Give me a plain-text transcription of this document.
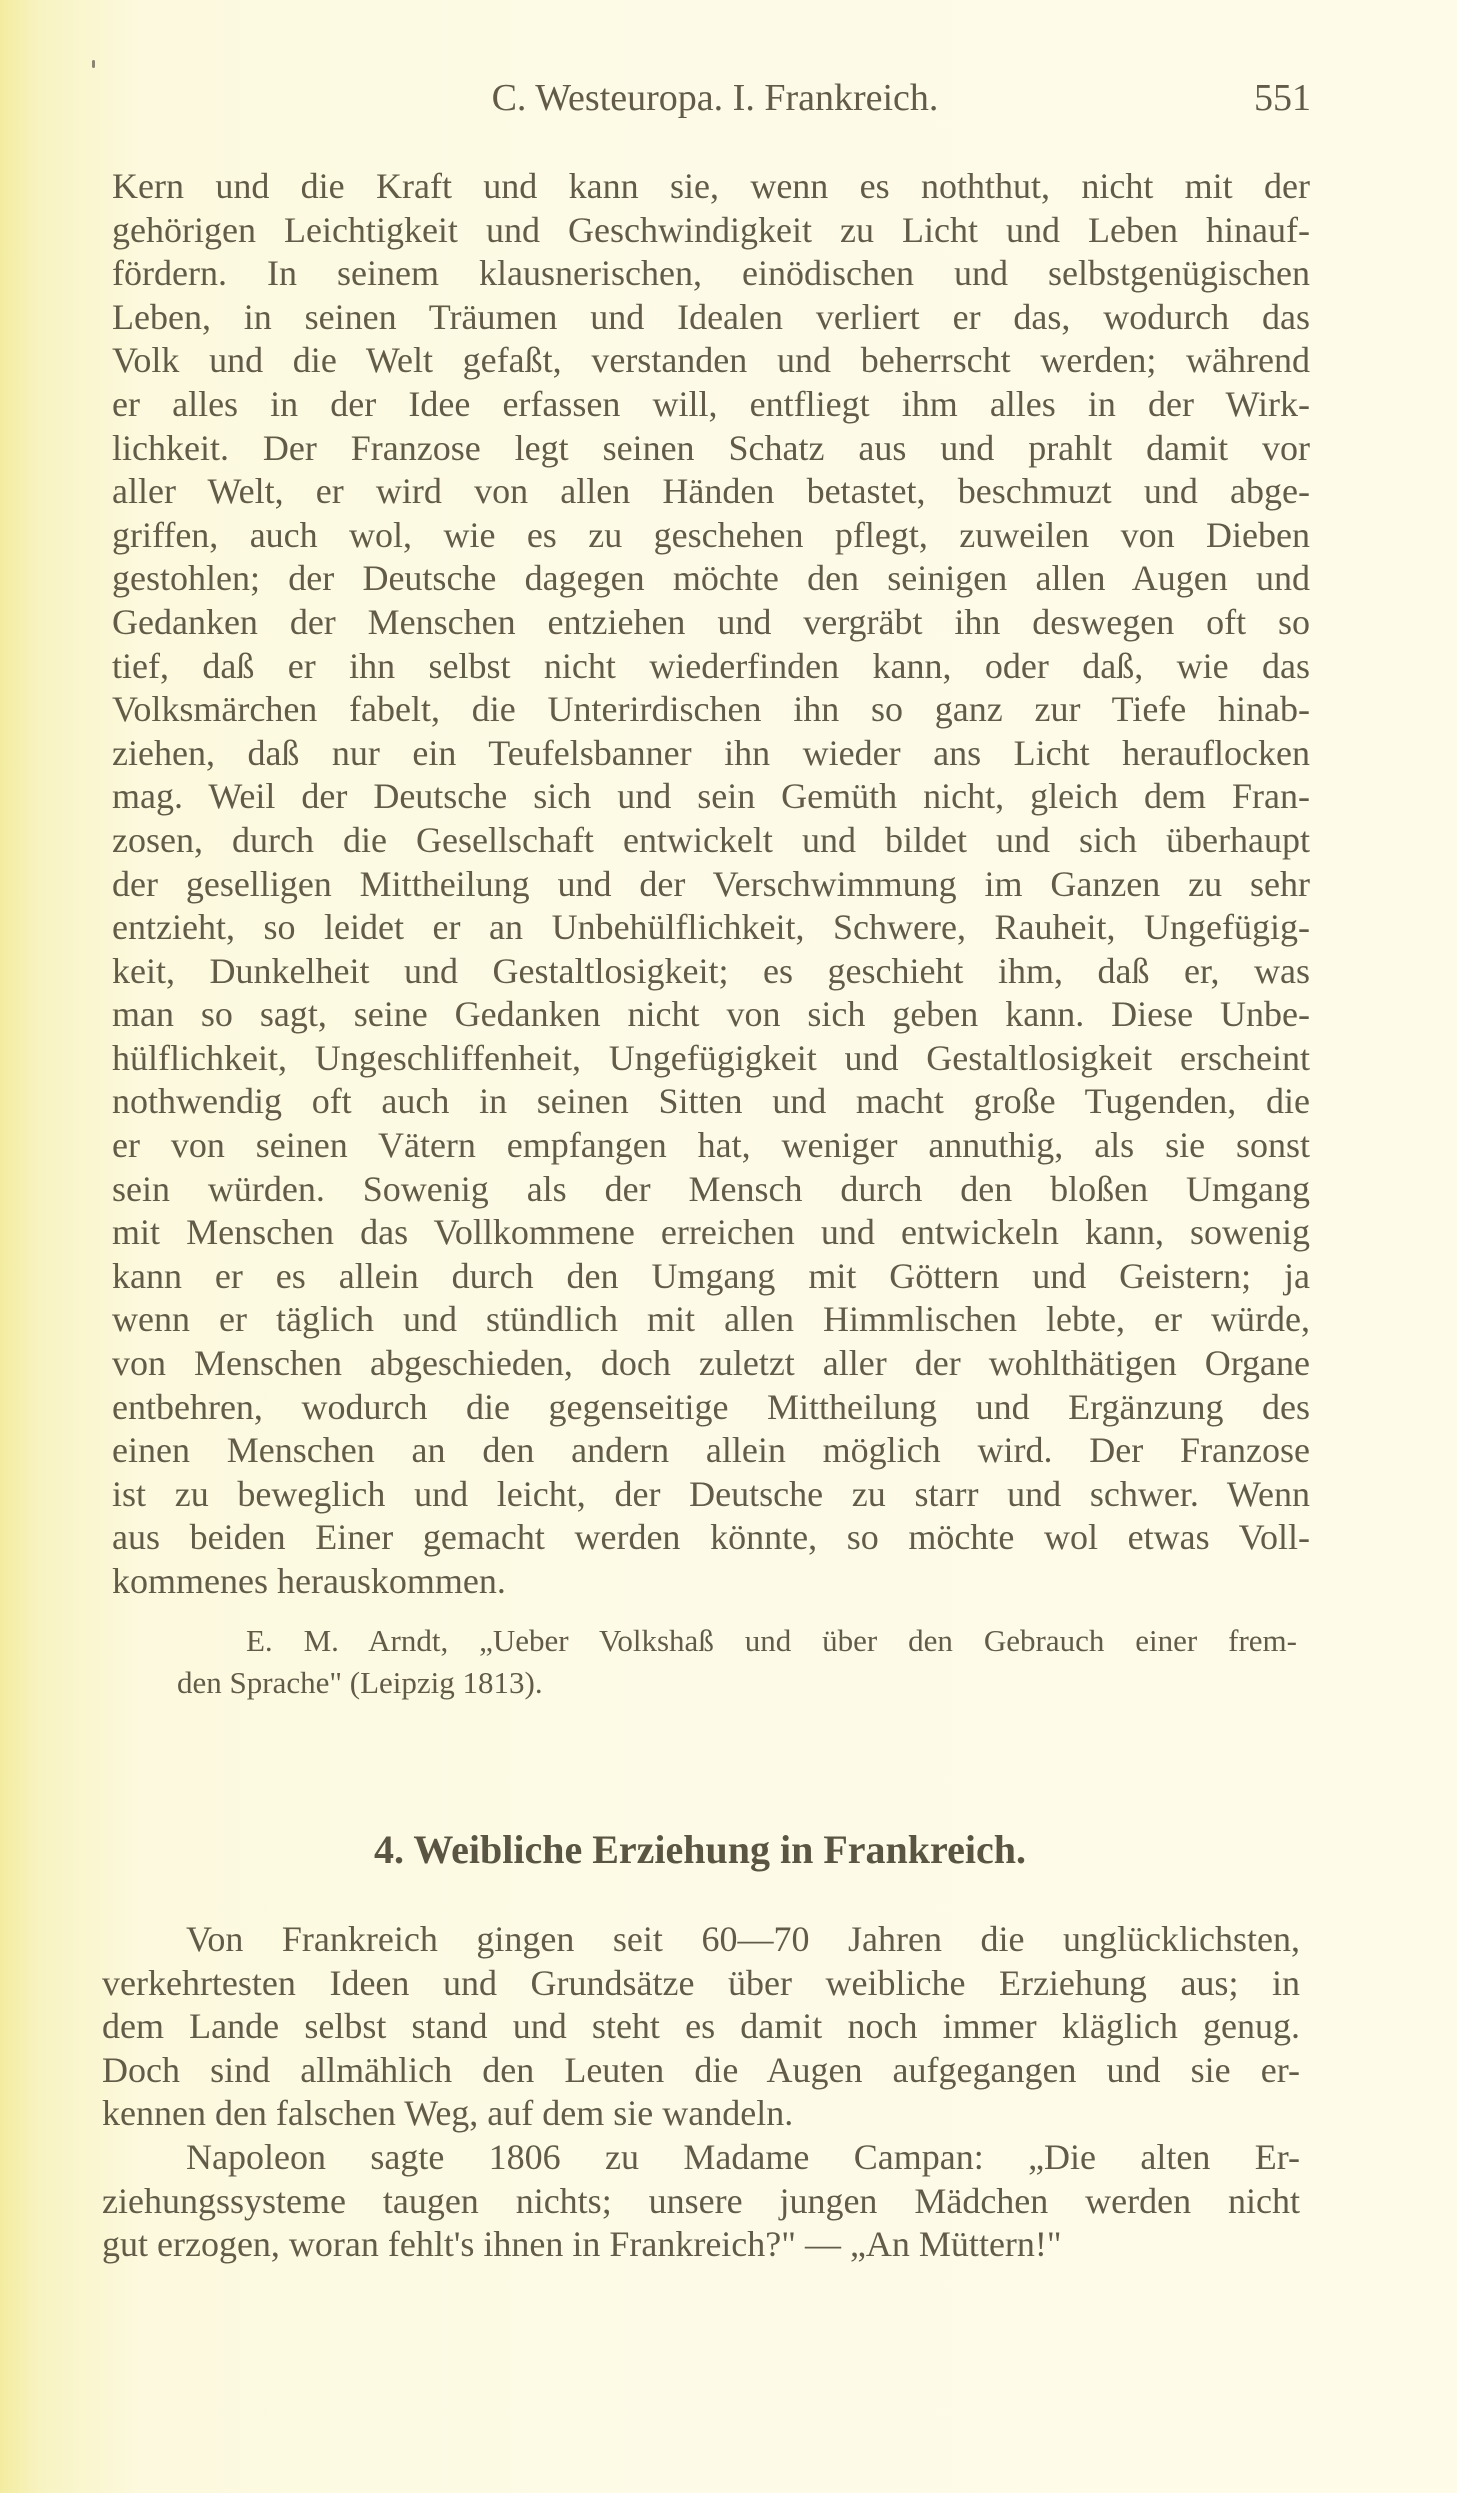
C. Westeuropa. I. Frankreich.	551
Kern und die Kraft und kann sie, wenn es noththut, nicht mit der
gehörigen Leichtigkeit und Geschwindigkeit zu Licht und Leben hinauf-
fördern. In seinem klausnerischen, einödischen und selbstgenügischen
Leben, in seinen Träumen und Idealen verliert er das, wodurch das
Volk und die Welt gefaßt, verstanden und beherrscht werden; während
er alles in der Idee erfassen will, entfliegt ihm alles in der Wirk-
lichkeit. Der Franzose legt seinen Schatz aus und prahlt damit vor
aller Welt, er wird von allen Händen betastet, beschmuzt und abge-
griffen, auch wol, wie es zu geschehen pflegt, zuweilen von Dieben
gestohlen; der Deutsche dagegen möchte den seinigen allen Augen und
Gedanken der Menschen entziehen und vergräbt ihn deswegen oft so
tief, daß er ihn selbst nicht wiederfinden kann, oder daß, wie das
Volksmärchen fabelt, die Unterirdischen ihn so ganz zur Tiefe hinab-
ziehen, daß nur ein Teufelsbanner ihn wieder ans Licht herauflocken
mag. Weil der Deutsche sich und sein Gemüth nicht, gleich dem Fran-
zosen, durch die Gesellschaft entwickelt und bildet und sich überhaupt
der geselligen Mittheilung und der Verschwimmung im Ganzen zu sehr
entzieht, so leidet er an Unbehülflichkeit, Schwere, Rauheit, Ungefügig-
keit, Dunkelheit und Gestaltlosigkeit; es geschieht ihm, daß er, was
man so sagt, seine Gedanken nicht von sich geben kann. Diese Unbe-
hülflichkeit, Ungeschliffenheit, Ungefügigkeit und Gestaltlosigkeit erscheint
nothwendig oft auch in seinen Sitten und macht große Tugenden, die
er von seinen Vätern empfangen hat, weniger annuthig, als sie sonst
sein würden. Sowenig als der Mensch durch den bloßen Umgang
mit Menschen das Vollkommene erreichen und entwickeln kann, sowenig
kann er es allein durch den Umgang mit Göttern und Geistern; ja
wenn er täglich und stündlich mit allen Himmlischen lebte, er würde,
von Menschen abgeschieden, doch zuletzt aller der wohlthätigen Organe
entbehren, wodurch die gegenseitige Mittheilung und Ergänzung des
einen Menschen an den andern allein möglich wird. Der Franzose
ist zu beweglich und leicht, der Deutsche zu starr und schwer. Wenn
aus beiden Einer gemacht werden könnte, so möchte wol etwas Voll-
kommenes herauskommen.
E. M. Arndt, „Ueber Volkshaß und über den Gebrauch einer frem-
den Sprache" (Leipzig 1813).
4. Weibliche Erziehung in Frankreich.
Von Frankreich gingen seit 60—70 Jahren die unglücklichsten,
verkehrtesten Ideen und Grundsätze über weibliche Erziehung aus; in
dem Lande selbst stand und steht es damit noch immer kläglich genug.
Doch sind allmählich den Leuten die Augen aufgegangen und sie er-
kennen den falschen Weg, auf dem sie wandeln.
Napoleon sagte 1806 zu Madame Campan: „Die alten Er-
ziehungssysteme taugen nichts; unsere jungen Mädchen werden nicht
gut erzogen, woran fehlt's ihnen in Frankreich?" — „An Müttern!"
